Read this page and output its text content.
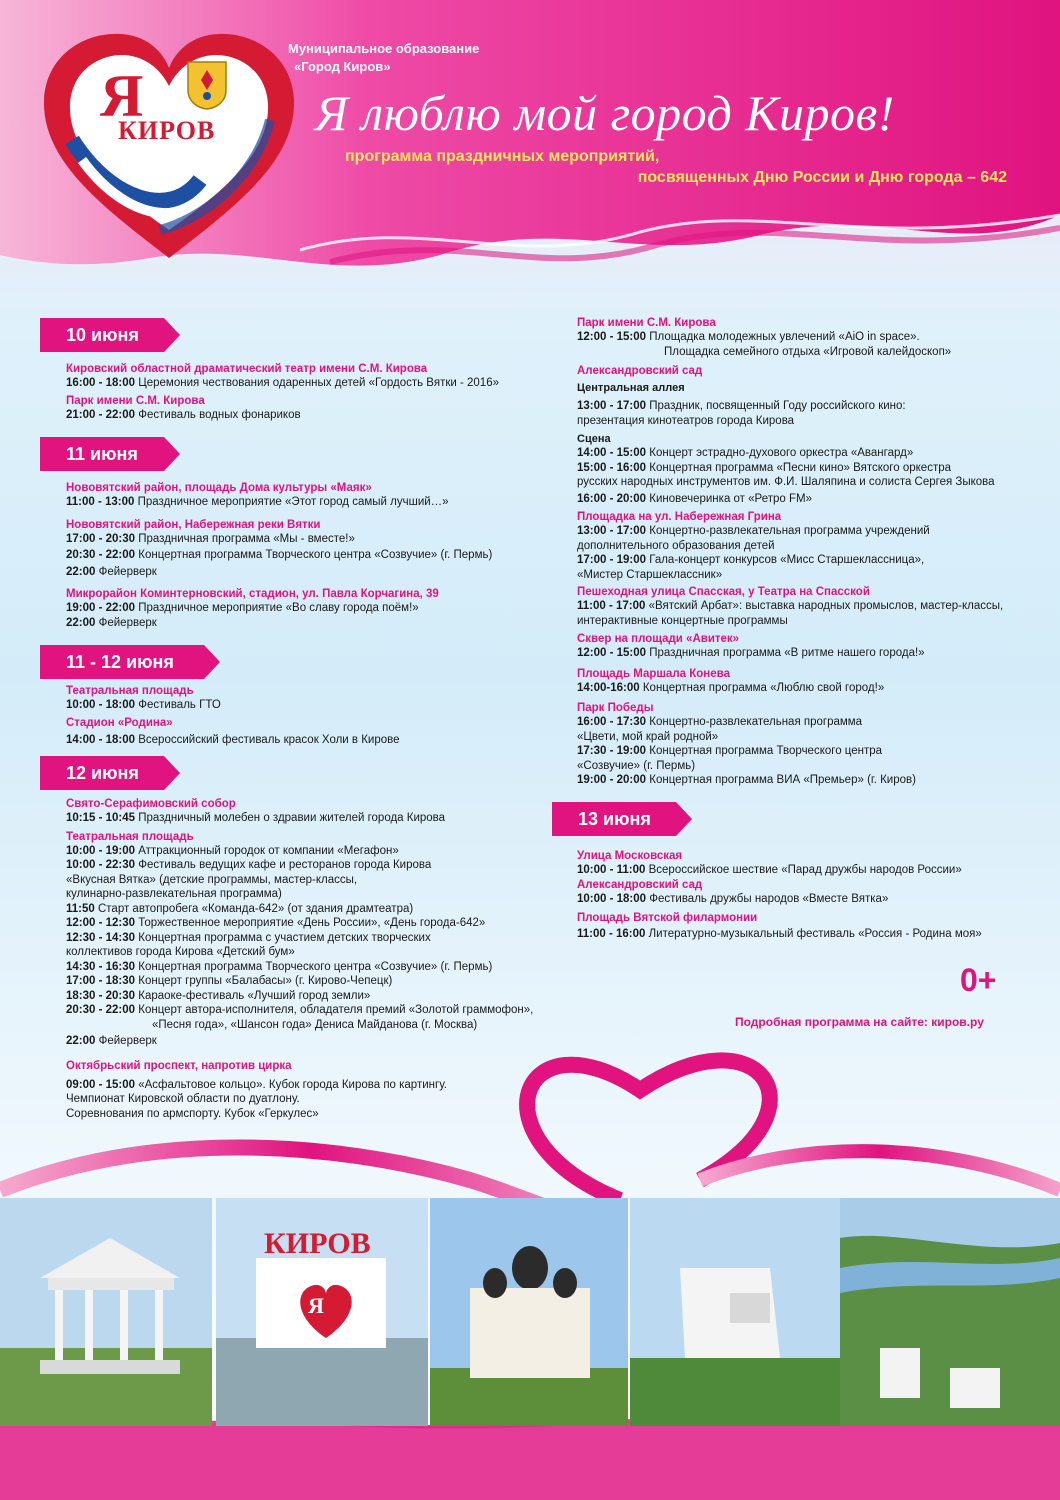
Я
КИРОВ
Муниципальное образование
«Город Киров»
Я люблю мой город Киров!
программа праздничных мероприятий,
посвященных Дню России и Дню города – 642
10 июня
11 июня
11 - 12 июня
12 июня
13 июня
Кировский областной драматический театр имени С.М. Кирова
16:00 - 18:00 Церемония чествования одаренных детей «Гордость Вятки - 2016»
Парк имени С.М. Кирова
21:00 - 22:00 Фестиваль водных фонариков
Нововятский район, площадь Дома культуры «Маяк»
11:00 - 13:00 Праздничное мероприятие «Этот город самый лучший…»
Нововятский район, Набережная реки Вятки
17:00 - 20:30 Праздничная программа «Мы - вместе!»
20:30 - 22:00 Концертная программа Творческого центра «Созвучие» (г. Пермь)
22:00 Фейерверк
Микрорайон Коминтерновский, стадион, ул. Павла Корчагина, 39
19:00 - 22:00 Праздничное мероприятие «Во славу города поём!»
22:00 Фейерверк
Театральная площадь
10:00 - 18:00 Фестиваль ГТО
Стадион «Родина»
14:00 - 18:00 Всероссийский фестиваль красок Холи в Кирове
Свято-Серафимовский собор
10:15 - 10:45 Праздничный молебен о здравии жителей города Кирова
Театральная площадь
10:00 - 19:00 Аттракционный городок от компании «Мегафон»
10:00 - 22:30 Фестиваль ведущих кафе и ресторанов города Кирова
«Вкусная Вятка» (детские программы, мастер-классы,
кулинарно-развлекательная программа)
11:50 Старт автопробега «Команда-642» (от здания драмтеатра)
12:00 - 12:30 Торжественное мероприятие «День России», «День города-642»
12:30 - 14:30 Концертная программа с участием детских творческих
коллективов города Кирова «Детский бум»
14:30 - 16:30 Концертная программа Творческого центра «Созвучие» (г. Пермь)
17:00 - 18:30 Концерт группы «Балабасы» (г. Кирово-Чепецк)
18:30 - 20:30 Караоке-фестиваль «Лучший город земли»
20:30 - 22:00 Концерт автора-исполнителя, обладателя премий «Золотой граммофон»,
«Песня года», «Шансон года» Дениса Майданова (г. Москва)
22:00 Фейерверк
Октябрьский проспект, напротив цирка
09:00 - 15:00 «Асфальтовое кольцо». Кубок города Кирова по картингу.
Чемпионат Кировской области по дуатлону.
Соревнования по армспорту. Кубок «Геркулес»
Парк имени С.М. Кирова
12:00 - 15:00 Площадка молодежных увлечений «AiO in space».
Площадка семейного отдыха «Игровой калейдоскоп»
Александровский сад
Центральная аллея
13:00 - 17:00 Праздник, посвященный Году российского кино:
презентация кинотеатров города Кирова
Сцена
14:00 - 15:00 Концерт эстрадно-духового оркестра «Авангард»
15:00 - 16:00 Концертная программа «Песни кино» Вятского оркестра
русских народных инструментов им. Ф.И. Шаляпина и солиста Сергея Зыкова
16:00 - 20:00 Киновечеринка от «Ретро FM»
Площадка на ул. Набережная Грина
13:00 - 17:00 Концертно-развлекательная программа учреждений
дополнительного образования детей
17:00 - 19:00 Гала-концерт конкурсов «Мисс Старшеклассница»,
«Мистер Старшеклассник»
Пешеходная улица Спасская, у Театра на Спасской
11:00 - 17:00 «Вятский Арбат»: выставка народных промыслов, мастер-классы,
интерактивные концертные программы
Сквер на площади «Авитек»
12:00 - 15:00 Праздничная программа «В ритме нашего города!»
Площадь Маршала Конева
14:00-16:00 Концертная программа «Люблю свой город!»
Парк Победы
16:00 - 17:30 Концертно-развлекательная программа
«Цвети, мой край родной»
17:30 - 19:00 Концертная программа Творческого центра
«Созвучие» (г. Пермь)
19:00 - 20:00 Концертная программа ВИА «Премьер» (г. Киров)
Улица Московская
10:00 - 11:00 Всероссийское шествие «Парад дружбы народов России»
Александровский сад
10:00 - 18:00 Фестиваль дружбы народов «Вместе Вятка»
Площадь Вятской филармонии
11:00 - 16:00 Литературно-музыкальный фестиваль «Россия - Родина моя»
0+
Подробная программа на сайте: киров.ру
КИРОВ
Я
